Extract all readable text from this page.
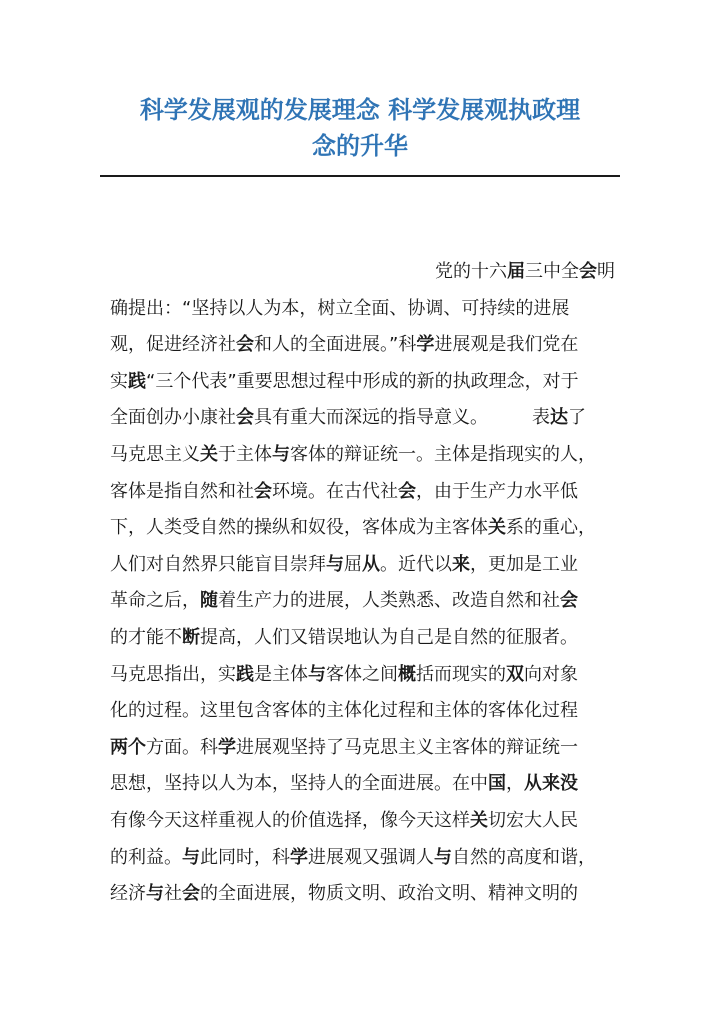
科学发展观的发展理念 科学发展观执政理
念的升华
党的十六届三中全会明
确提出：“坚持以人为本，树立全面、协调、可持续的进展
观，促进经济社会和人的全面进展。”科学进展观是我们党在
实践“三个代表”重要思想过程中形成的新的执政理念，对于
全面创办小康社会具有重大而深远的指导意义。 表达了
马克思主义关于主体与客体的辩证统一。主体是指现实的人，
客体是指自然和社会环境。在古代社会，由于生产力水平低
下，人类受自然的操纵和奴役，客体成为主客体关系的重心，
人们对自然界只能盲目崇拜与屈从。近代以来，更加是工业
革命之后，随着生产力的进展，人类熟悉、改造自然和社会
的才能不断提高，人们又错误地认为自己是自然的征服者。
马克思指出，实践是主体与客体之间概括而现实的双向对象
化的过程。这里包含客体的主体化过程和主体的客体化过程
两个方面。科学进展观坚持了马克思主义主客体的辩证统一
思想，坚持以人为本，坚持人的全面进展。在中国，从来没
有像今天这样重视人的价值选择，像今天这样关切宏大人民
的利益。与此同时，科学进展观又强调人与自然的高度和谐，
经济与社会的全面进展，物质文明、政治文明、精神文明的
